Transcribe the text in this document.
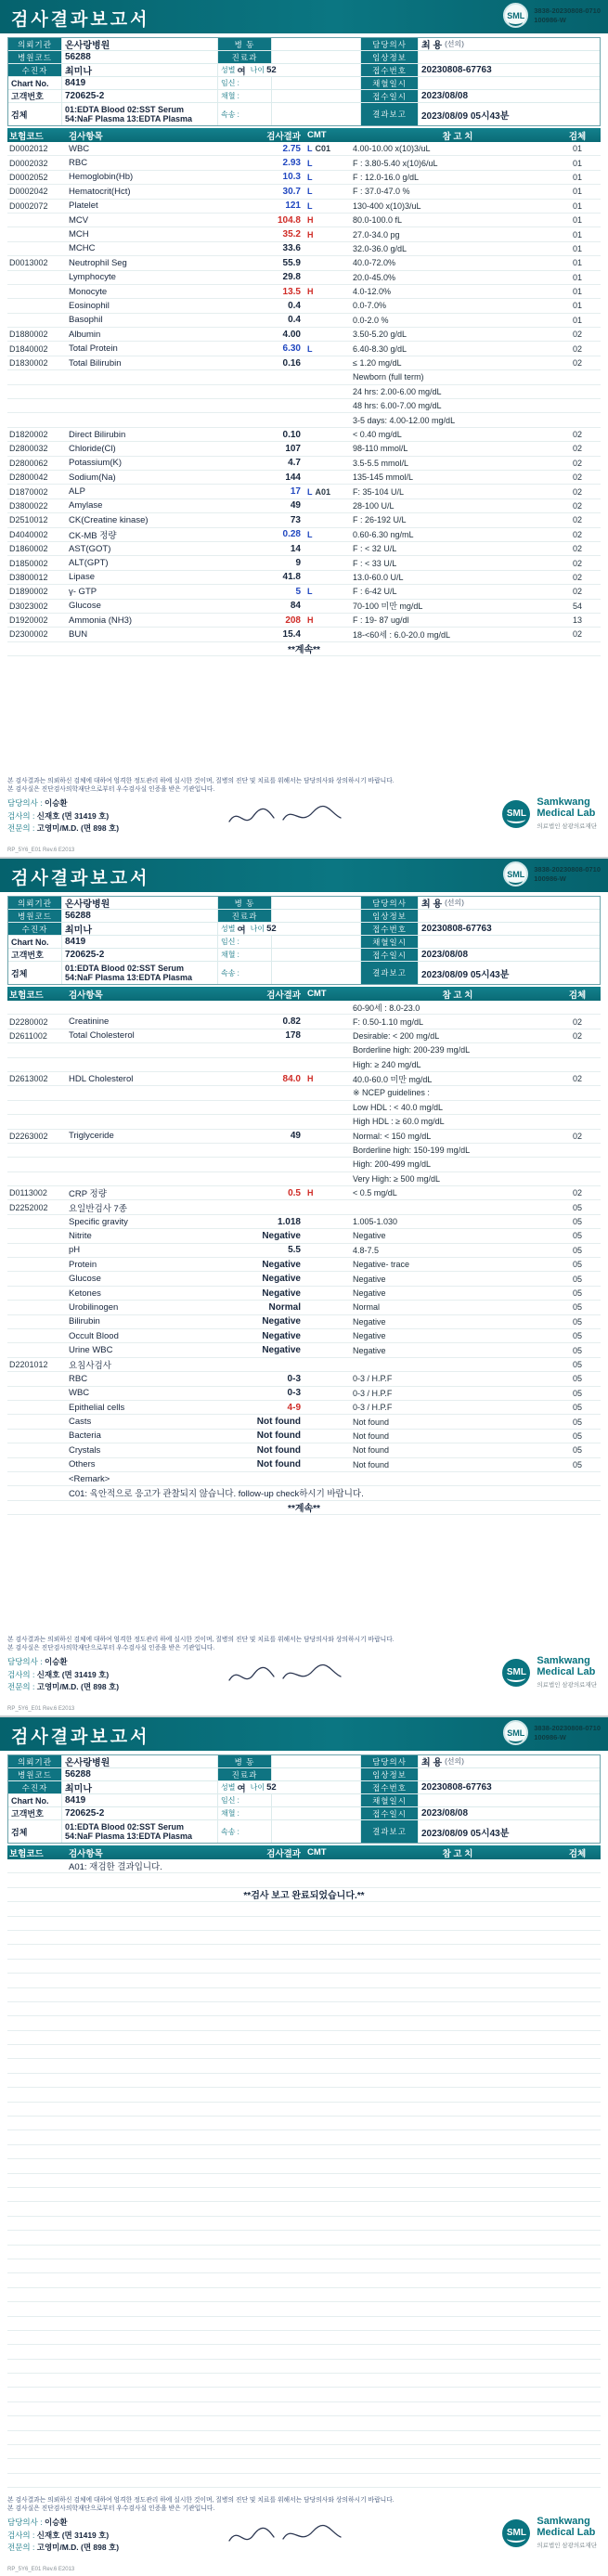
검사결과보고서	SML 3838-20230808-0710
100986-W
의뢰기관	온사랑병원	병 동	담당의사	최 용 (선의)
병원코드	56288	진료과	임상정보
수진자	최미나	성별 여 나이 52	접수번호	20230808-67763
Chart No.	8419	임신 :	채혈일시
고객번호	720625-2	채혈 :	접수일시	2023/08/08
검체
01:EDTA Blood 02:SST Serum
54:NaF Plasma 13:EDTA Plasma	속송 :	결과보고	2023/08/09 05시43분
보험코드	검사항목	검사결과 CMT	참 고 치	검체
D0002012	WBC	2.75 L C01	4.00-10.00 x(10)3/uL	01
D0002032	RBC	2.93 L	F : 3.80-5.40 x(10)6/uL	01
D0002052	Hemoglobin(Hb)	10.3 L	F : 12.0-16.0 g/dL	01
D0002042	Hematocrit(Hct)	30.7 L	F : 37.0-47.0 %	01
D0002072	Platelet	121 L	130-400 x(10)3/uL	01
MCV	104.8 H	80.0-100.0 fL	01
MCH	35.2 H	27.0-34.0 pg	01
MCHC	33.6	32.0-36.0 g/dL	01
D0013002	Neutrophil Seg	55.9	40.0-72.0%	01
Lymphocyte	29.8	20.0-45.0%	01
Monocyte	13.5 H	4.0-12.0%	01
Eosinophil	0.4	0.0-7.0%	01
Basophil	0.4	0.0-2.0 %	01
D1880002	Albumin	4.00	3.50-5.20 g/dL	02
D1840002	Total Protein	6.30 L	6.40-8.30 g/dL	02
D1830002	Total Bilirubin	0.16	≤ 1.20 mg/dL	02
Newborn (full term)
24 hrs: 2.00-6.00 mg/dL
48 hrs: 6.00-7.00 mg/dL
3-5 days: 4.00-12.00 mg/dL
D1820002	Direct Bilirubin	0.10	< 0.40 mg/dL	02
D2800032	Chloride(Cl)	107	98-110 mmol/L	02
D2800062	Potassium(K)	4.7	3.5-5.5 mmol/L	02
D2800042	Sodium(Na)	144	135-145 mmol/L	02
D1870002	ALP	17 L A01	F: 35-104 U/L	02
D3800022	Amylase	49	28-100 U/L	02
D2510012	CK(Creatine kinase)	73	F : 26-192 U/L	02
D4040002	CK-MB 정량	0.28 L	0.60-6.30 ng/mL	02
D1860002	AST(GOT)	14	F : < 32 U/L	02
D1850002	ALT(GPT)	9	F : < 33 U/L	02
D3800012	Lipase	41.8	13.0-60.0 U/L	02
D1890002	γ- GTP	5 L	F : 6-42 U/L	02
D3023002	Glucose	84	70-100 미만 mg/dL	54
D1920002	Ammonia (NH3)	208 H	F : 19- 87 ug/dl	13
D2300002	BUN	15.4	18-<60세 : 6.0-20.0 mg/dL	02
**계속**
본 검사결과는 의뢰하신 검체에 대하여 엄격한 정도관리 하에 실시한 것이며, 질병의 진단 및 치료를 위해서는 담당의사와 상의하시기 바랍니다.
본 검사실은 진단검사의학재단으로부터 우수검사실 인증을 받은 기관입니다.
담당의사 : 이승환
검사의 : 신재호 (면 31419 호)
전문의 : 고영미/M.D. (면 898 호)
SML
Samkwang
Medical Lab
의료법인 삼광의료재단
RP_5Y6_E01 Rev.6 E2013
검사결과보고서	SML 3838-20230808-0710
100986-W
의뢰기관	온사랑병원	병 동	담당의사	최 용 (선의)
병원코드	56288	진료과	임상정보
수진자	최미나	성별 여 나이 52	접수번호	20230808-67763
Chart No.	8419	임신 :	채혈일시
고객번호	720625-2	채혈 :	접수일시	2023/08/08
검체
01:EDTA Blood 02:SST Serum
54:NaF Plasma 13:EDTA Plasma	속송 :	결과보고	2023/08/09 05시43분
보험코드	검사항목	검사결과 CMT	참 고 치	검체
60-90세 : 8.0-23.0
D2280002	Creatinine	0.82	F: 0.50-1.10 mg/dL	02
D2611002	Total Cholesterol	178	Desirable: < 200 mg/dL	02
Borderline high: 200-239 mg/dL
High: ≥ 240 mg/dL
D2613002	HDL Cholesterol	84.0 H	40.0-60.0 미만 mg/dL	02
※ NCEP guidelines :
Low HDL : < 40.0 mg/dL
High HDL : ≥ 60.0 mg/dL
D2263002	Triglyceride	49	Normal: < 150 mg/dL	02
Borderline high: 150-199 mg/dL
High: 200-499 mg/dL
Very High: ≥ 500 mg/dL
D0113002	CRP 정량	0.5 H	< 0.5 mg/dL	02
D2252002	요일반검사 7종	05
Specific gravity	1.018	1.005-1.030	05
Nitrite	Negative	Negative	05
pH	5.5	4.8-7.5	05
Protein	Negative	Negative- trace	05
Glucose	Negative	Negative	05
Ketones	Negative	Negative	05
Urobilinogen	Normal	Normal	05
Bilirubin	Negative	Negative	05
Occult Blood	Negative	Negative	05
Urine WBC	Negative	Negative	05
D2201012	요침사검사	05
RBC	0-3	0-3 / H.P.F	05
WBC	0-3	0-3 / H.P.F	05
Epithelial cells	4-9	0-3 / H.P.F	05
Casts	Not found	Not found	05
Bacteria	Not found	Not found	05
Crystals	Not found	Not found	05
Others	Not found	Not found	05
<Remark>
C01: 육안적으로 응고가 관찰되지 않습니다. follow-up check하시기 바랍니다.
**계속**
본 검사결과는 의뢰하신 검체에 대하여 엄격한 정도관리 하에 실시한 것이며, 질병의 진단 및 치료를 위해서는 담당의사와 상의하시기 바랍니다.
본 검사실은 진단검사의학재단으로부터 우수검사실 인증을 받은 기관입니다.
담당의사 : 이승환
검사의 : 신재호 (면 31419 호)
전문의 : 고영미/M.D. (면 898 호)
SML
Samkwang
Medical Lab
의료법인 삼광의료재단
RP_5Y6_E01 Rev.6 E2013
검사결과보고서	SML 3838-20230808-0710
100986-W
의뢰기관	온사랑병원	병 동	담당의사	최 용 (선의)
병원코드	56288	진료과	임상정보
수진자	최미나	성별 여 나이 52	접수번호	20230808-67763
Chart No.	8419	임신 :	채혈일시
고객번호	720625-2	채혈 :	접수일시	2023/08/08
검체
01:EDTA Blood 02:SST Serum
54:NaF Plasma 13:EDTA Plasma	속송 :	결과보고	2023/08/09 05시43분
보험코드	검사항목	검사결과 CMT	참 고 치	검체
A01: 재검한 결과입니다.
**검사 보고 완료되었습니다.**
본 검사결과는 의뢰하신 검체에 대하여 엄격한 정도관리 하에 실시한 것이며, 질병의 진단 및 치료를 위해서는 담당의사와 상의하시기 바랍니다.
본 검사실은 진단검사의학재단으로부터 우수검사실 인증을 받은 기관입니다.
담당의사 : 이승환
검사의 : 신재호 (면 31419 호)
전문의 : 고영미/M.D. (면 898 호)
SML
Samkwang
Medical Lab
의료법인 삼광의료재단
RP_5Y6_E01 Rev.6 E2013
